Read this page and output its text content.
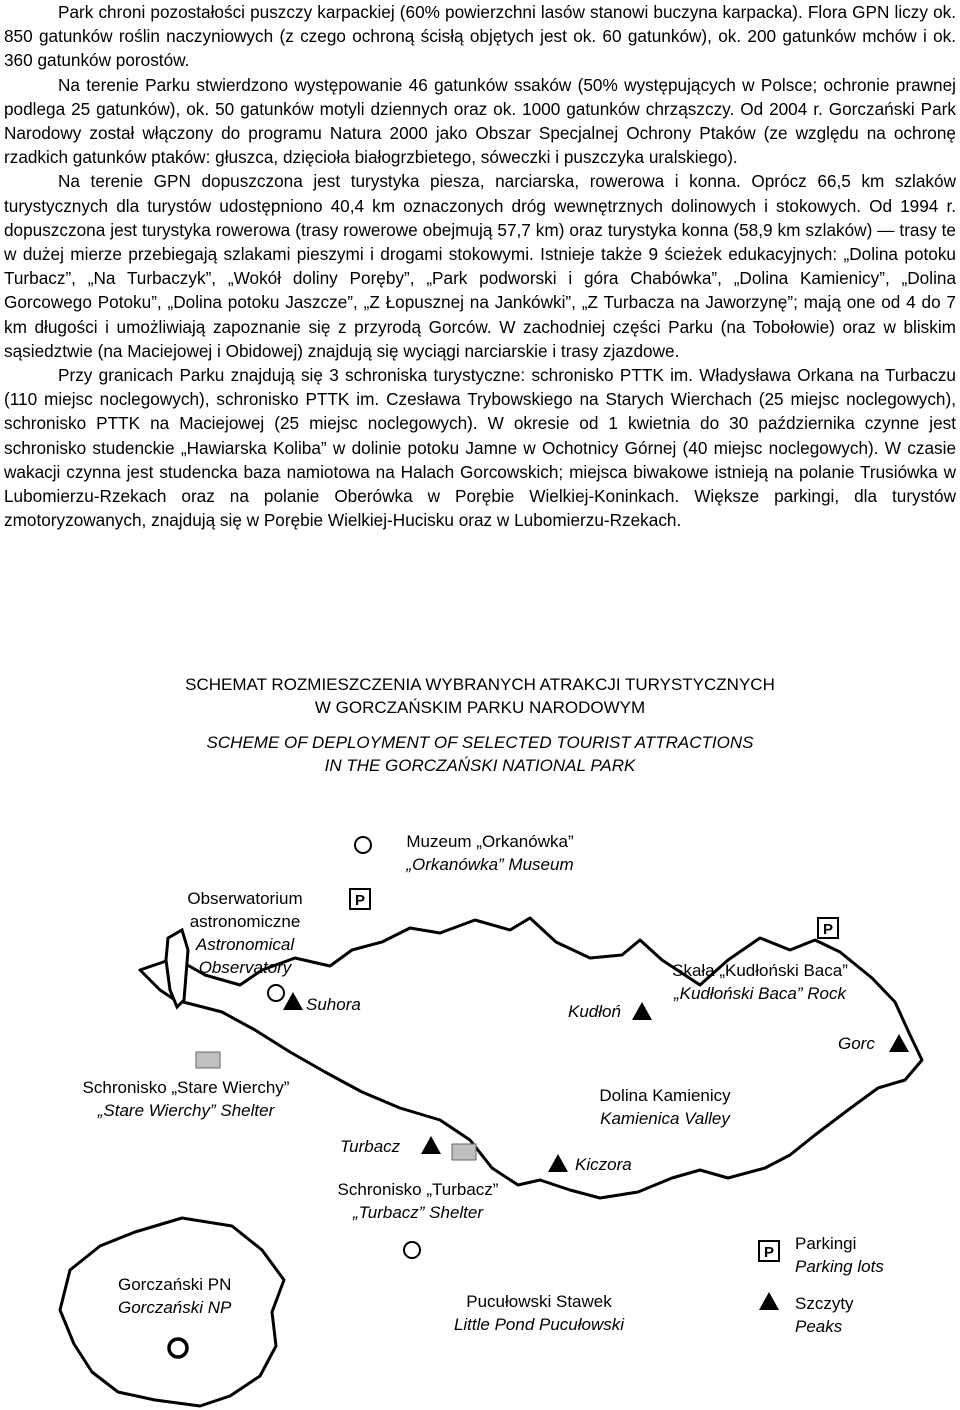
Park chroni pozostałości puszczy karpackiej (60% powierzchni lasów stanowi buczyna karpacka). Flora GPN liczy ok. 850 gatunków roślin naczyniowych (z czego ochroną ścisłą objętych jest ok. 60 gatunków), ok. 200 gatunków mchów i ok. 360 gatunków porostów.

Na terenie Parku stwierdzono występowanie 46 gatunków ssaków (50% występujących w Polsce; ochronie prawnej podlega 25 gatunków), ok. 50 gatunków motyli dziennych oraz ok. 1000 gatunków chrząszczy. Od 2004 r. Gorczański Park Narodowy został włączony do programu Natura 2000 jako Obszar Specjalnej Ochrony Ptaków (ze względu na ochronę rzadkich gatunków ptaków: głuszca, dzięcioła białogrzbietego, sóweczki i puszczyka uralskiego).

Na terenie GPN dopuszczona jest turystyka piesza, narciarska, rowerowa i konna. Oprócz 66,5 km szlaków turystycznych dla turystów udostępniono 40,4 km oznaczonych dróg wewnętrznych dolinowych i stokowych. Od 1994 r. dopuszczona jest turystyka rowerowa (trasy rowerowe obejmują 57,7 km) oraz turystyka konna (58,9 km szlaków) — trasy te w dużej mierze przebiegają szlakami pieszymi i drogami stokowymi. Istnieje także 9 ścieżek edukacyjnych: „Dolina potoku Turbacz”, „Na Turbaczyk”, „Wokół doliny Poręby”, „Park podworski i góra Chabówka”, „Dolina Kamienicy”, „Dolina Gorcowego Potoku”, „Dolina potoku Jaszcze”, „Z Łopusznej na Jankówki”, „Z Turbacza na Jaworzynę”; mają one od 4 do 7 km długości i umożliwiają zapoznanie się z przyrodą Gorców. W zachodniej części Parku (na Tobołowie) oraz w bliskim sąsiedztwie (na Maciejowej i Obidowej) znajdują się wyciągi narciarskie i trasy zjazdowe.

Przy granicach Parku znajdują się 3 schroniska turystyczne: schronisko PTTK im. Władysława Orkana na Turbaczu (110 miejsc noclegowych), schronisko PTTK im. Czesława Trybowskiego na Starych Wierchach (25 miejsc noclegowych), schronisko PTTK na Maciejowej (25 miejsc noclegowych). W okresie od 1 kwietnia do 30 października czynne jest schronisko studenckie „Hawiarska Koliba” w dolinie potoku Jamne w Ochotnicy Górnej (40 miejsc noclegowych). W czasie wakacji czynna jest studencka baza namiotowa na Halach Gorcowskich; miejsca biwakowe istnieją na polanie Trusiówka w Lubomierzu-Rzekach oraz na polanie Oberówka w Porębie Wielkiej-Koninkach. Większe parkingi, dla turystów zmotoryzowanych, znajdują się w Porębie Wielkiej-Hucisku oraz w Lubomierzu-Rzekach.

SCHEMAT ROZMIESZCZENIA WYBRANYCH ATRAKCJI TURYSTYCZNYCH
W GORCZAŃSKIM PARKU NARODOWYM
SCHEME OF DEPLOYMENT OF SELECTED TOURIST ATTRACTIONS
IN THE GORCZAŃSKI NATIONAL PARK
P
P
P
Muzeum „Orkanówka”
„Orkanówka” Museum
Obserwatorium
astronomiczne
Astronomical
Observatory
Suhora
Skała „Kudłoński Baca”
„Kudłoński Baca” Rock
Kudłoń
Gorc
Schronisko „Stare Wierchy”
„Stare Wierchy” Shelter
Dolina Kamienicy
Kamienica Valley
Turbacz
Kiczora
Schronisko „Turbacz”
„Turbacz” Shelter
Gorczański PN
Gorczański NP	Pucułowski Stawek
Little Pond Pucułowski
Parkingi
Parking lots
Szczyty
Peaks
